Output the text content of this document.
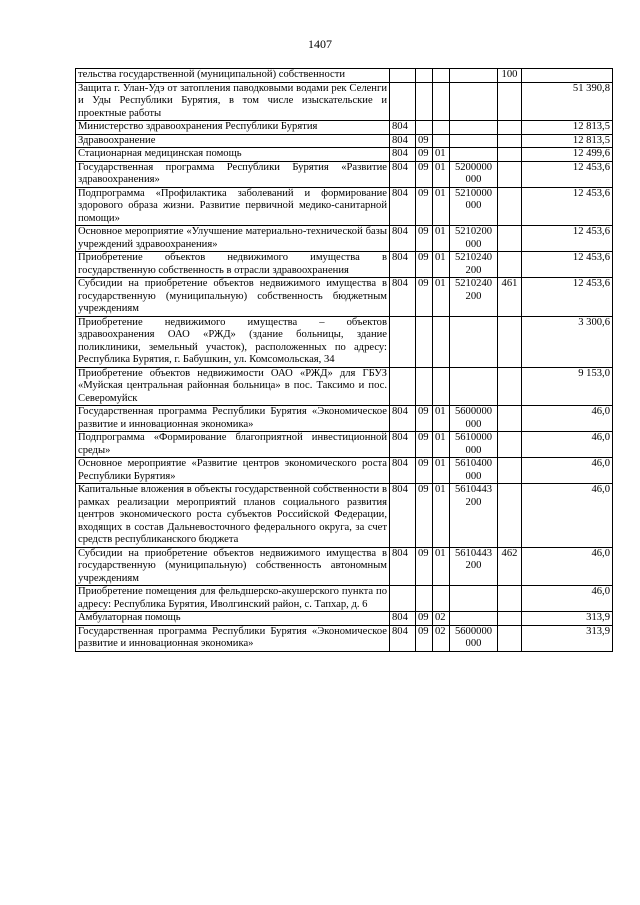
1407
тельства государственной (муниципальной) собственности					100	
Защита г. Улан-Удэ от затопления паводковыми водами рек Селенги и Уды Республики Бурятия, в том числе изыскательские и проектные работы						51 390,8
Министерство здравоохранения Республики Бурятия	804					12 813,5
Здравоохранение	804	09				12 813,5
Стационарная медицинская помощь	804	09	01			12 499,6
Государственная программа Республики Бурятия «Развитие здравоохранения»	804	09	01	5200000 000		12 453,6
Подпрограмма «Профилактика заболеваний и формирование здорового образа жизни. Развитие первичной медико-санитарной помощи»	804	09	01	5210000 000		12 453,6
Основное мероприятие «Улучшение материально-технической базы учреждений здравоохранения»	804	09	01	5210200 000		12 453,6
Приобретение объектов недвижимого имущества в государственную собственность в отрасли здравоохранения	804	09	01	5210240 200		12 453,6
Субсидии на приобретение объектов недвижимого имущества в государственную (муниципальную) собственность бюджетным учреждениям	804	09	01	5210240 200	461	12 453,6
Приобретение недвижимого имущества – объектов здравоохранения ОАО «РЖД» (здание больницы, здание поликлиники, земельный участок), расположенных по адресу: Республика Бурятия, г. Бабушкин, ул. Комсомольская, 34						3 300,6
Приобретение объектов недвижимости ОАО «РЖД» для ГБУЗ «Муйская центральная районная больница» в пос. Таксимо и пос. Северомуйск						9 153,0
Государственная программа Республики Бурятия «Экономическое развитие и инновационная экономика»	804	09	01	5600000 000		46,0
Подпрограмма «Формирование благоприятной инвестиционной среды»	804	09	01	5610000 000		46,0
Основное мероприятие «Развитие центров экономического роста Республики Бурятия»	804	09	01	5610400 000		46,0
Капитальные вложения в объекты государственной собственности в рамках реализации мероприятий планов социального развития центров экономического роста субъектов Российской Федерации, входящих в состав Дальневосточного федерального округа, за счет средств республиканского бюджета	804	09	01	5610443 200		46,0
Субсидии на приобретение объектов недвижимого имущества в государственную (муниципальную) собственность автономным учреждениям	804	09	01	5610443 200	462	46,0
Приобретение помещения для фельдшерско-акушерского пункта по адресу: Республика Бурятия, Иволгинский район, с. Тапхар, д. 6						46,0
Амбулаторная помощь	804	09	02			313,9
Государственная программа Республики Бурятия «Экономическое развитие и инновационная экономика»	804	09	02	5600000 000		313,9
